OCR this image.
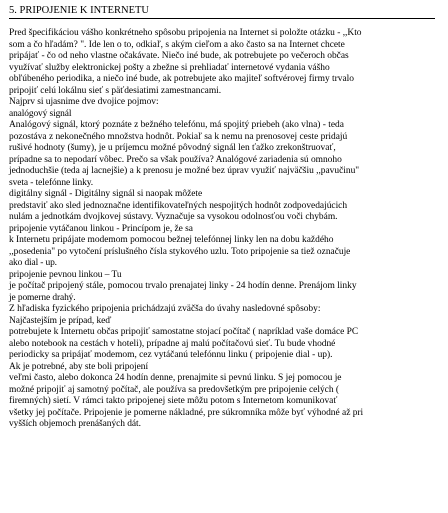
5. PRIPOJENIE K INTERNETU
Pred špecifikáciou vášho konkrétneho spôsobu pripojenia na Internet si položte otázku - ,,Kto
som a čo hľadám? ". Ide len o to, odkiaľ, s akým cieľom a ako často sa na Internet chcete
pripájať - čo od neho vlastne očakávate. Niečo iné bude, ak potrebujete po večeroch občas
využívať služby elektronickej pošty a zbežne si prehliadať internetové vydania vášho
obľúbeného periodika, a niečo iné bude, ak potrebujete ako majiteľ softvérovej firmy trvalo
pripojiť celú lokálnu sieť s päťdesiatimi zamestnancami.
Najprv si ujasnime dve dvojice pojmov:
analógový signál
Analógový signál, ktorý poznáte z bežného telefónu, má spojitý priebeh (ako vlna) - teda
pozostáva z nekonečného množstva hodnôt. Pokiaľ sa k nemu na prenosovej ceste pridajú
rušivé hodnoty (šumy), je u príjemcu možné pôvodný signál len ťažko zrekonštruovať,
prípadne sa to nepodarí vôbec. Prečo sa však používa? Analógové zariadenia sú omnoho
jednoduchšie (teda aj lacnejšie) a k prenosu je možné bez úprav využiť najväčšiu ,,pavučinu"
sveta - telefónne linky.
digitálny signál - Digitálny signál si naopak môžete
predstaviť ako sled jednoznačne identifikovateľných nespojitých hodnôt zodpovedajúcich
nulám a jednotkám dvojkovej sústavy. Vyznačuje sa vysokou odolnosťou voči chybám.
pripojenie vytáčanou linkou - Princípom je, že sa
k Internetu pripájate modemom pomocou bežnej telefónnej linky len na dobu každého
,,posedenia" po vytočení príslušného čísla stykového uzlu. Toto pripojenie sa tiež označuje
ako dial - up.
pripojenie pevnou linkou – Tu
je počítač pripojený stále, pomocou trvalo prenajatej linky - 24 hodín denne. Prenájom linky
je pomerne drahý.
Z hľadiska fyzického pripojenia prichádzajú zväčša do úvahy nasledovné spôsoby:
Najčastejším je prípad, keď
potrebujete k Internetu občas pripojiť samostatne stojací počítač ( napríklad vaše domáce PC
alebo notebook na cestách v hoteli), prípadne aj malú počítačovú sieť. Tu bude vhodné
periodicky sa pripájať modemom, cez vytáčanú telefónnu linku ( pripojenie dial - up).
Ak je potrebné, aby ste boli pripojení
veľmi často, alebo dokonca 24 hodín denne, prenajmite si pevnú linku. S jej pomocou je
možné pripojiť aj samotný počítač, ale používa sa predovšetkým pre pripojenie celých (
firemných) sietí. V rámci takto pripojenej siete môžu potom s Internetom komunikovať
všetky jej počítače. Pripojenie je pomerne nákladné, pre súkromníka môže byť výhodné až pri
vyšších objemoch prenášaných dát.
